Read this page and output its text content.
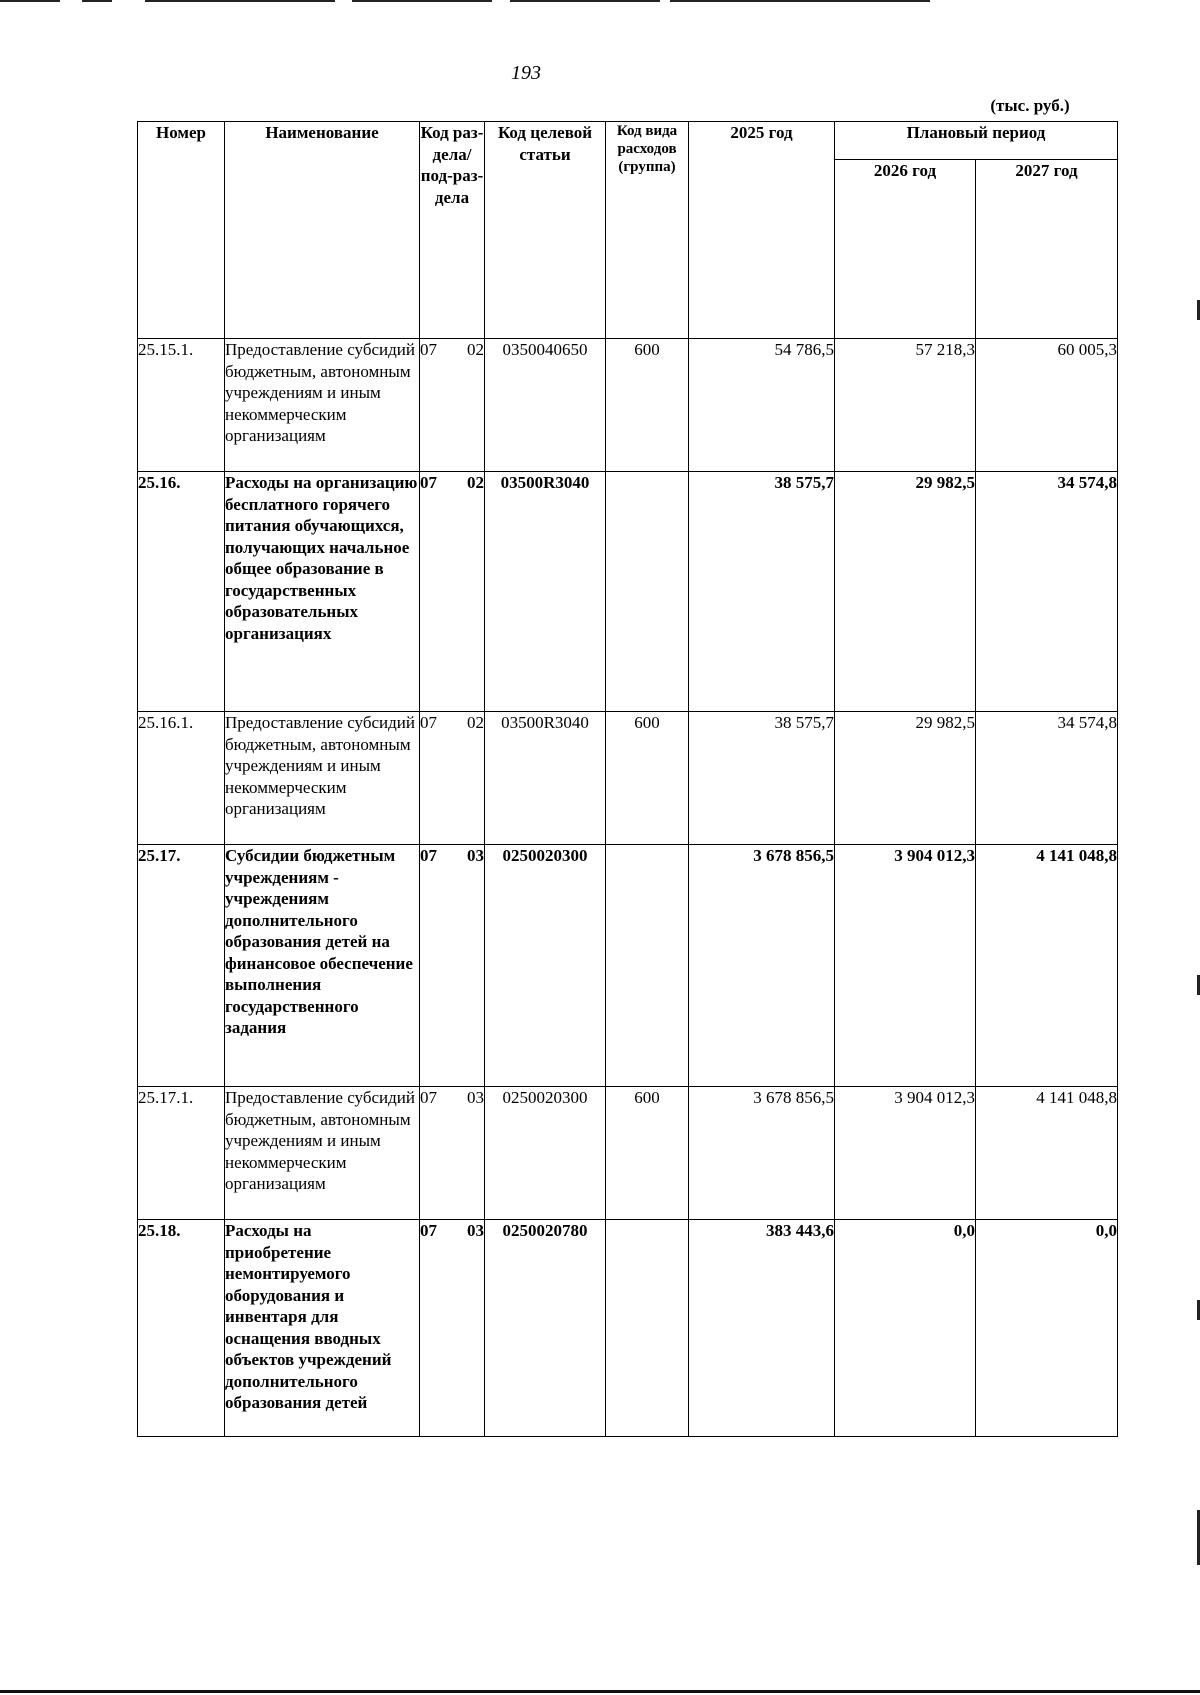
193
(тыс. руб.)
Номер	Наименование	Код раз-дела/ под-раз-дела	Код целевой статьи	Код вида расходов (группа)	2025 год	Плановый период	
						2026 год	2027 год
25.15.1.	Предоставление субсидий бюджетным, автономным учреждениям и иным некоммерческим организациям	07 02	0350040650	600	54 786,5	57 218,3	60 005,3
25.16.	Расходы на организацию бесплатного горячего питания обучающихся, получающих начальное общее образование в государственных образовательных организациях	07 02	03500R3040		38 575,7	29 982,5	34 574,8
25.16.1.	Предоставление субсидий бюджетным, автономным учреждениям и иным некоммерческим организациям	07 02	03500R3040	600	38 575,7	29 982,5	34 574,8
25.17.	Субсидии бюджетным учреждениям - учреждениям дополнительного образования детей на финансовое обеспечение выполнения государственного задания	07 03	0250020300		3 678 856,5	3 904 012,3	4 141 048,8
25.17.1.	Предоставление субсидий бюджетным, автономным учреждениям и иным некоммерческим организациям	07 03	0250020300	600	3 678 856,5	3 904 012,3	4 141 048,8
25.18.	Расходы на приобретение немонтируемого оборудования и инвентаря для оснащения вводных объектов учреждений дополнительного образования детей	07 03	0250020780		383 443,6	0,0	0,0
